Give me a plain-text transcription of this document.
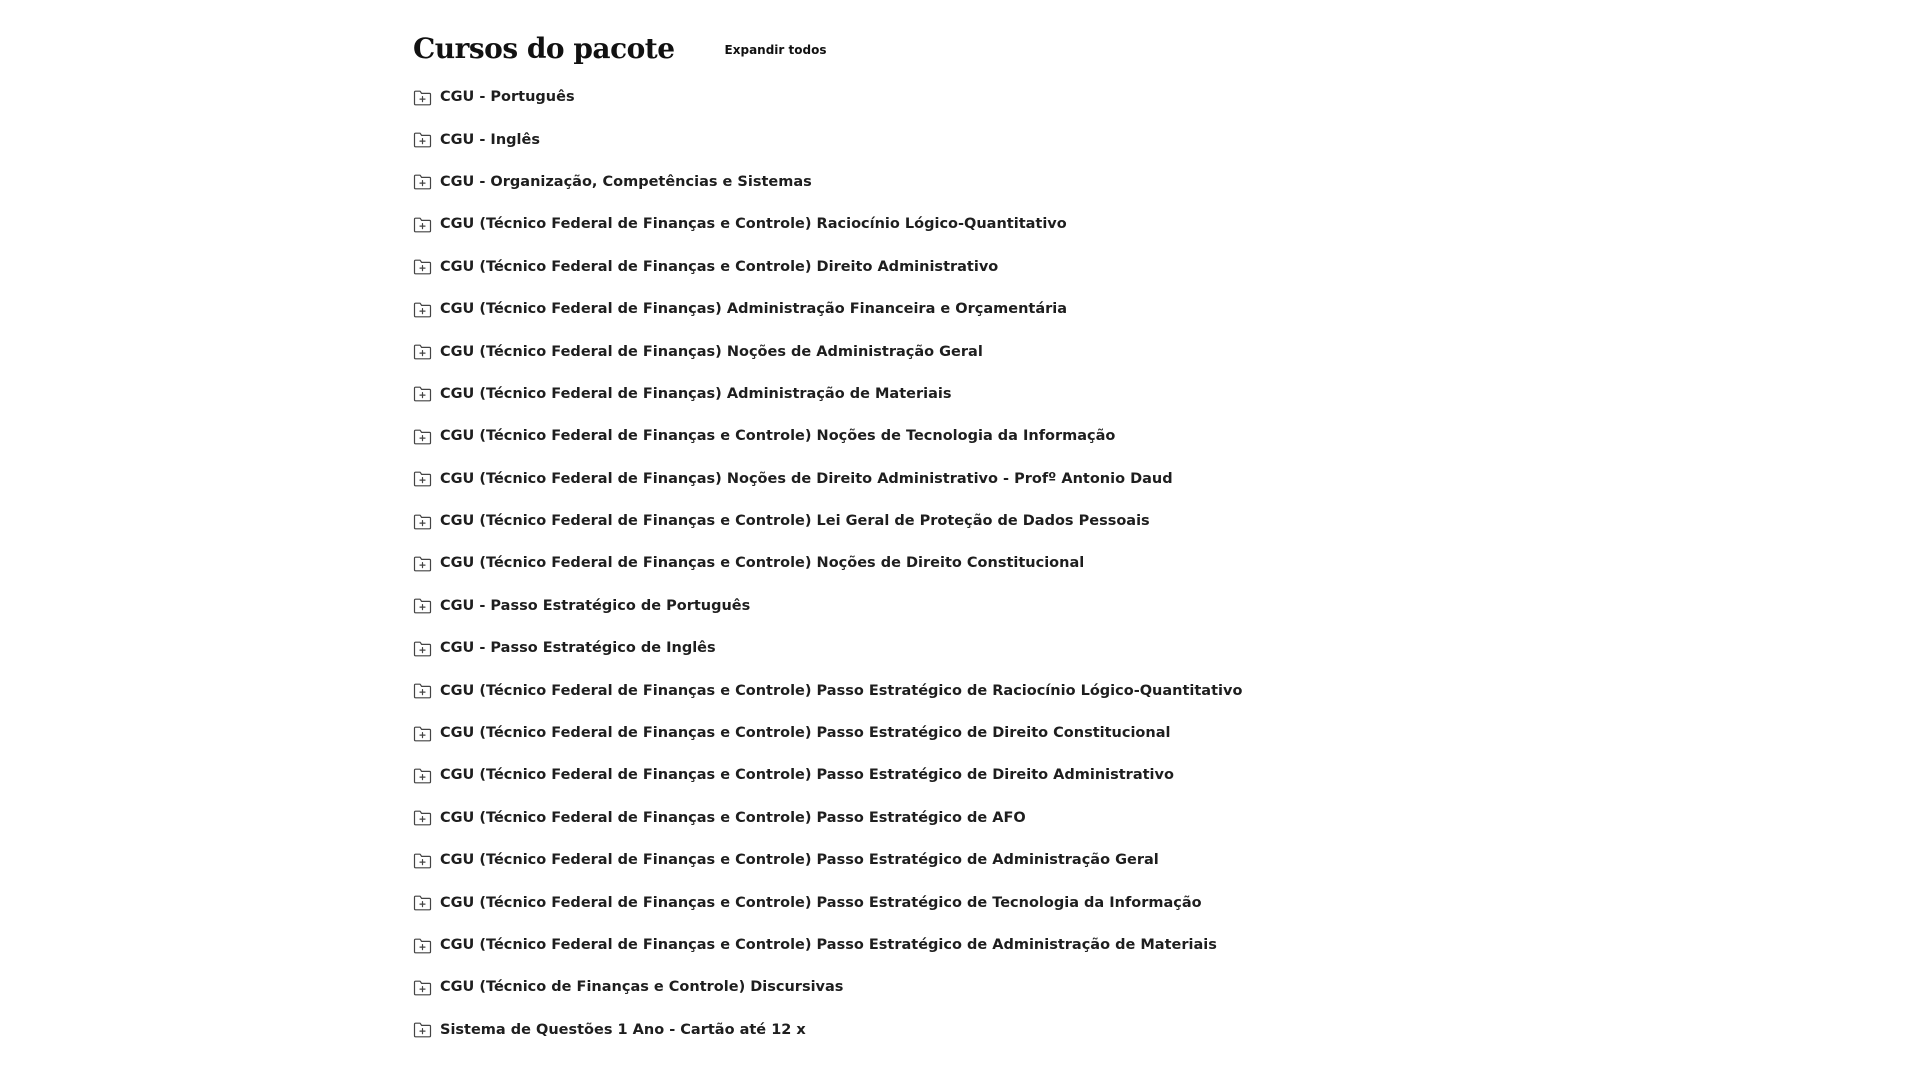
Cursos do pacote	Expandir todos
CGU - Português
CGU - Inglês
CGU - Organização, Competências e Sistemas
CGU (Técnico Federal de Finanças e Controle) Raciocínio Lógico-Quantitativo
CGU (Técnico Federal de Finanças e Controle) Direito Administrativo
CGU (Técnico Federal de Finanças) Administração Financeira e Orçamentária
CGU (Técnico Federal de Finanças) Noções de Administração Geral
CGU (Técnico Federal de Finanças) Administração de Materiais
CGU (Técnico Federal de Finanças e Controle) Noções de Tecnologia da Informação
CGU (Técnico Federal de Finanças) Noções de Direito Administrativo - Profº Antonio Daud
CGU (Técnico Federal de Finanças e Controle) Lei Geral de Proteção de Dados Pessoais
CGU (Técnico Federal de Finanças e Controle) Noções de Direito Constitucional
CGU - Passo Estratégico de Português
CGU - Passo Estratégico de Inglês
CGU (Técnico Federal de Finanças e Controle) Passo Estratégico de Raciocínio Lógico-Quantitativo
CGU (Técnico Federal de Finanças e Controle) Passo Estratégico de Direito Constitucional
CGU (Técnico Federal de Finanças e Controle) Passo Estratégico de Direito Administrativo
CGU (Técnico Federal de Finanças e Controle) Passo Estratégico de AFO
CGU (Técnico Federal de Finanças e Controle) Passo Estratégico de Administração Geral
CGU (Técnico Federal de Finanças e Controle) Passo Estratégico de Tecnologia da Informação
CGU (Técnico Federal de Finanças e Controle) Passo Estratégico de Administração de Materiais
CGU (Técnico de Finanças e Controle) Discursivas
Sistema de Questões 1 Ano - Cartão até 12 x
